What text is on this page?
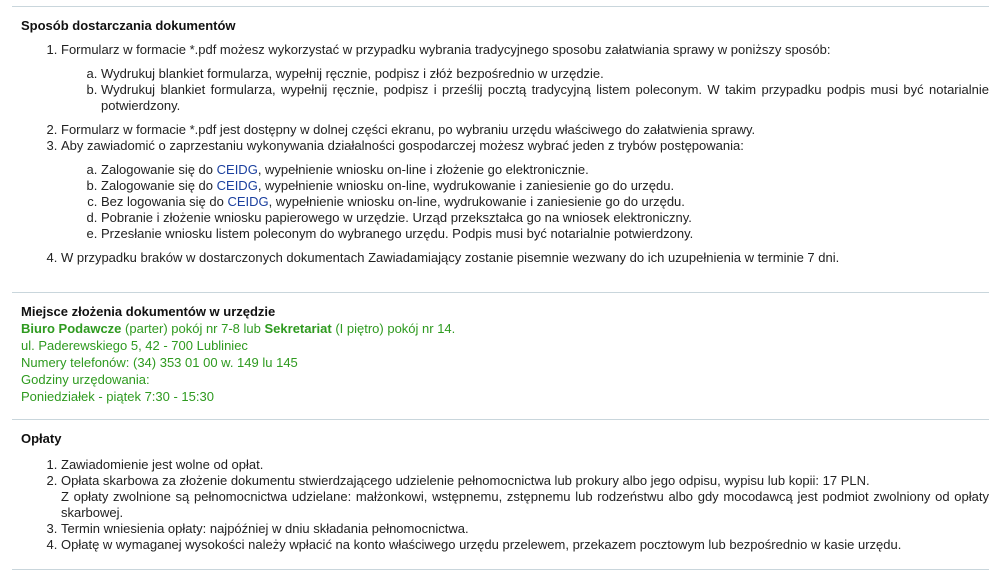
Sposób dostarczania dokumentów
1. Formularz w formacie *.pdf możesz wykorzystać w przypadku wybrania tradycyjnego sposobu załatwiania sprawy w poniższy sposób:
a. Wydrukuj blankiet formularza, wypełnij ręcznie, podpisz i złóż bezpośrednio w urzędzie.
b. Wydrukuj blankiet formularza, wypełnij ręcznie, podpisz i prześlij pocztą tradycyjną listem poleconym. W takim przypadku podpis musi być notarialnie potwierdzony.
2. Formularz w formacie *.pdf jest dostępny w dolnej części ekranu, po wybraniu urzędu właściwego do załatwienia sprawy.
3. Aby zawiadomić o zaprzestaniu wykonywania działalności gospodarczej możesz wybrać jeden z trybów postępowania:
a. Zalogowanie się do CEIDG, wypełnienie wniosku on-line i złożenie go elektronicznie.
b. Zalogowanie się do CEIDG, wypełnienie wniosku on-line, wydrukowanie i zaniesienie go do urzędu.
c. Bez logowania się do CEIDG, wypełnienie wniosku on-line, wydrukowanie i zaniesienie go do urzędu.
d. Pobranie i złożenie wniosku papierowego w urzędzie. Urząd przekształca go na wniosek elektroniczny.
e. Przesłanie wniosku listem poleconym do wybranego urzędu. Podpis musi być notarialnie potwierdzony.
4. W przypadku braków w dostarczonych dokumentach Zawiadamiający zostanie pisemnie wezwany do ich uzupełnienia w terminie 7 dni.
Miejsce złożenia dokumentów w urzędzie
Biuro Podawcze (parter) pokój nr 7-8 lub Sekretariat (I piętro) pokój nr 14.
ul. Paderewskiego 5, 42 - 700 Lubliniec
Numery telefonów: (34) 353 01 00 w. 149 lu 145
Godziny urzędowania:
Poniedziałek - piątek 7:30 - 15:30
Opłaty
1. Zawiadomienie jest wolne od opłat.
2. Opłata skarbowa za złożenie dokumentu stwierdzającego udzielenie pełnomocnictwa lub prokury albo jego odpisu, wypisu lub kopii: 17 PLN.
Z opłaty zwolnione są pełnomocnictwa udzielane: małżonkowi, wstępnemu, zstępnemu lub rodzeństwu albo gdy mocodawcą jest podmiot zwolniony od opłaty skarbowej.
3. Termin wniesienia opłaty: najpóźniej w dniu składania pełnomocnictwa.
4. Opłatę w wymaganej wysokości należy wpłacić na konto właściwego urzędu przelewem, przekazem pocztowym lub bezpośrednio w kasie urzędu.
